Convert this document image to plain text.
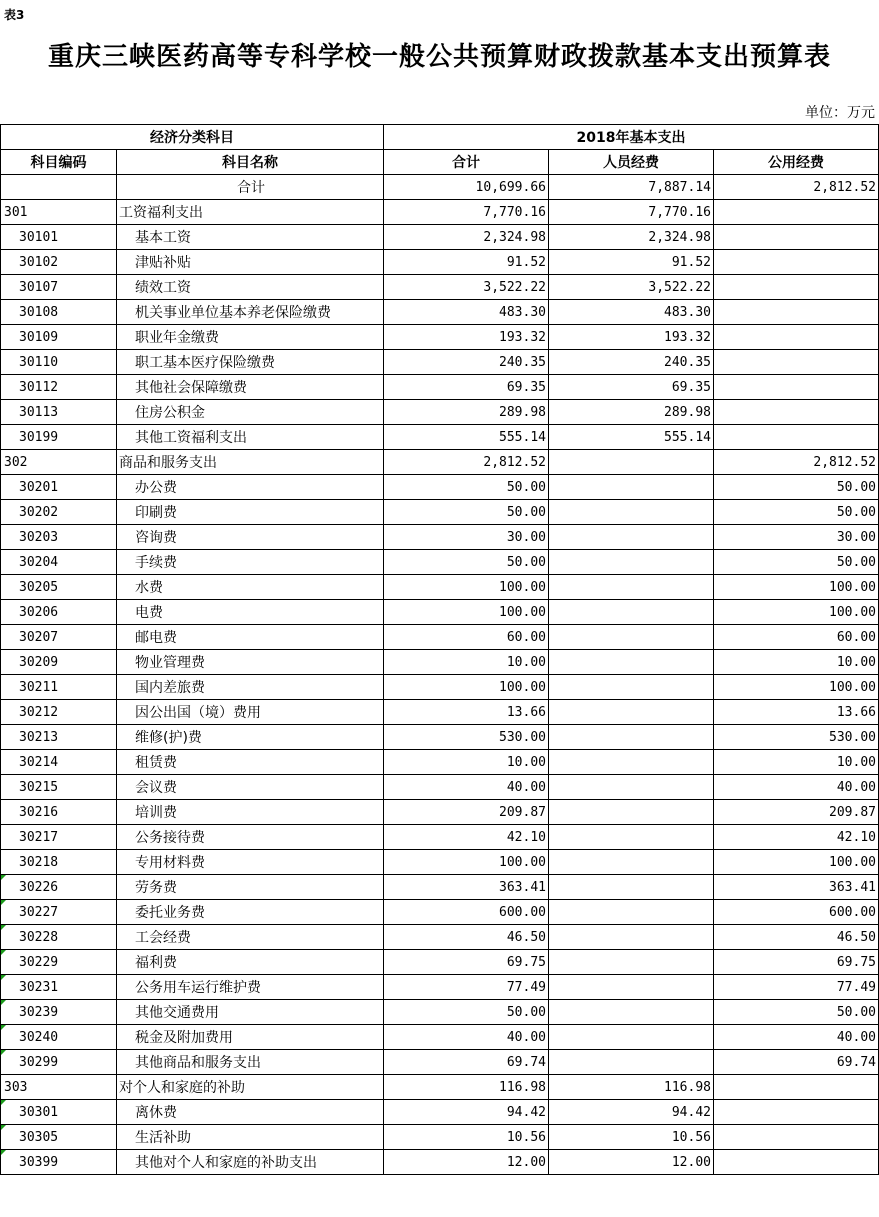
表3
重庆三峡医药高等专科学校一般公共预算财政拨款基本支出预算表
单位：万元
经济分类科目		2018年基本支出		
科目编码	科目名称	合计	人员经费	公用经费
	合计	10,699.66	7,887.14	2,812.52
301	工资福利支出	7,770.16	7,770.16	
30101	基本工资	2,324.98	2,324.98	
30102	津贴补贴	91.52	91.52	
30107	绩效工资	3,522.22	3,522.22	
30108	机关事业单位基本养老保险缴费	483.30	483.30	
30109	职业年金缴费	193.32	193.32	
30110	职工基本医疗保险缴费	240.35	240.35	
30112	其他社会保障缴费	69.35	69.35	
30113	住房公积金	289.98	289.98	
30199	其他工资福利支出	555.14	555.14	
302	商品和服务支出	2,812.52		2,812.52
30201	办公费	50.00		50.00
30202	印刷费	50.00		50.00
30203	咨询费	30.00		30.00
30204	手续费	50.00		50.00
30205	水费	100.00		100.00
30206	电费	100.00		100.00
30207	邮电费	60.00		60.00
30209	物业管理费	10.00		10.00
30211	国内差旅费	100.00		100.00
30212	因公出国（境）费用	13.66		13.66
30213	维修(护)费	530.00		530.00
30214	租赁费	10.00		10.00
30215	会议费	40.00		40.00
30216	培训费	209.87		209.87
30217	公务接待费	42.10		42.10
30218	专用材料费	100.00		100.00
30226	劳务费	363.41		363.41
30227	委托业务费	600.00		600.00
30228	工会经费	46.50		46.50
30229	福利费	69.75		69.75
30231	公务用车运行维护费	77.49		77.49
30239	其他交通费用	50.00		50.00
30240	税金及附加费用	40.00		40.00
30299	其他商品和服务支出	69.74		69.74
303	对个人和家庭的补助	116.98	116.98	
30301	离休费	94.42	94.42	
30305	生活补助	10.56	10.56	
30399	其他对个人和家庭的补助支出	12.00	12.00	
